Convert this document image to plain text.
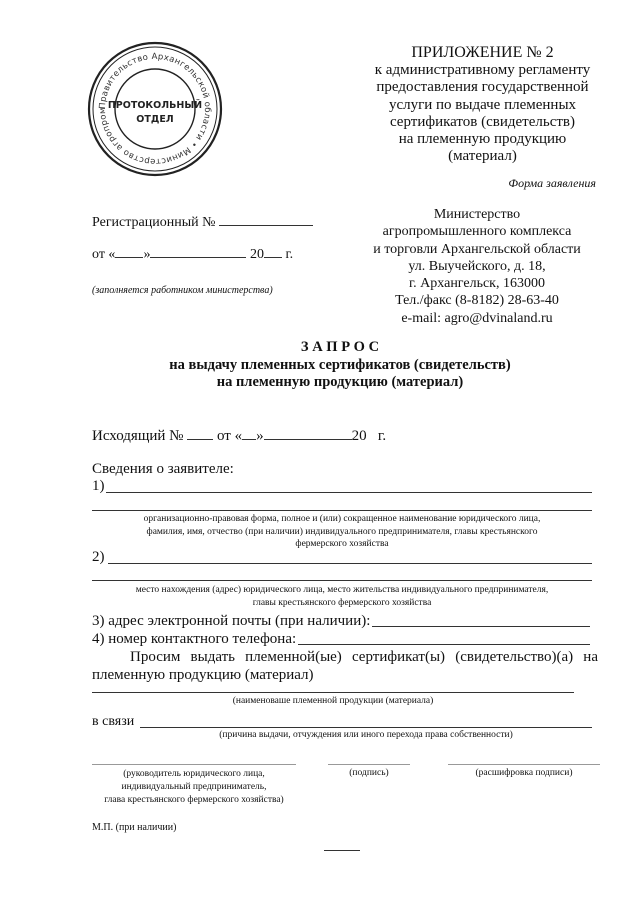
Правительство Архангельской области • Министерство агропром ПРОТОКОЛЬНЫЙ
ОТДЕЛ
ПРИЛОЖЕНИЕ № 2
к административному регламенту
предоставления государственной
услуги по выдаче племенных
сертификатов (свидетельств)
на племенную продукцию
(материал)
Форма заявления
Регистрационный №
от « »	20 г.
(заполняется работником министерства)
Министерство
агропромышленного комплекса
и торговли Архангельской области
ул. Выучейского, д. 18,
г. Архангельск, 163000
Тел./факс (8-8182) 28-63-40
e-mail: agro@dvinaland.ru
З А П Р О С
на выдачу племенных сертификатов (свидетельств)
на племенную продукцию (материал)
Исходящий № от « »	20 г.
Сведения о заявителе:
1)
организационно-правовая форма, полное и (или) сокращенное наименование юридического лица,
фамилия, имя, отчество (при наличии) индивидуального предпринимателя, главы крестьянского
фермерского хозяйства
2)
место нахождения (адрес) юридического лица, место жительства индивидуального предпринимателя,
главы крестьянского фермерского хозяйства
3) адрес электронной почты (при наличии):
4) номер контактного телефона:
Просим выдать племенной(ые) сертификат(ы) (свидетельство)(а) на
племенную продукцию (материал)
(наименоваше племенной продукции (материала)
в связи
(причина выдачи, отчуждения или иного перехода права собственности)
(руководитель юридического лица,
индивидуальный предприниматель,
глава крестьянского фермерского хозяйства)
(подпись)	(расшифровка подписи)
М.П. (при наличии)
